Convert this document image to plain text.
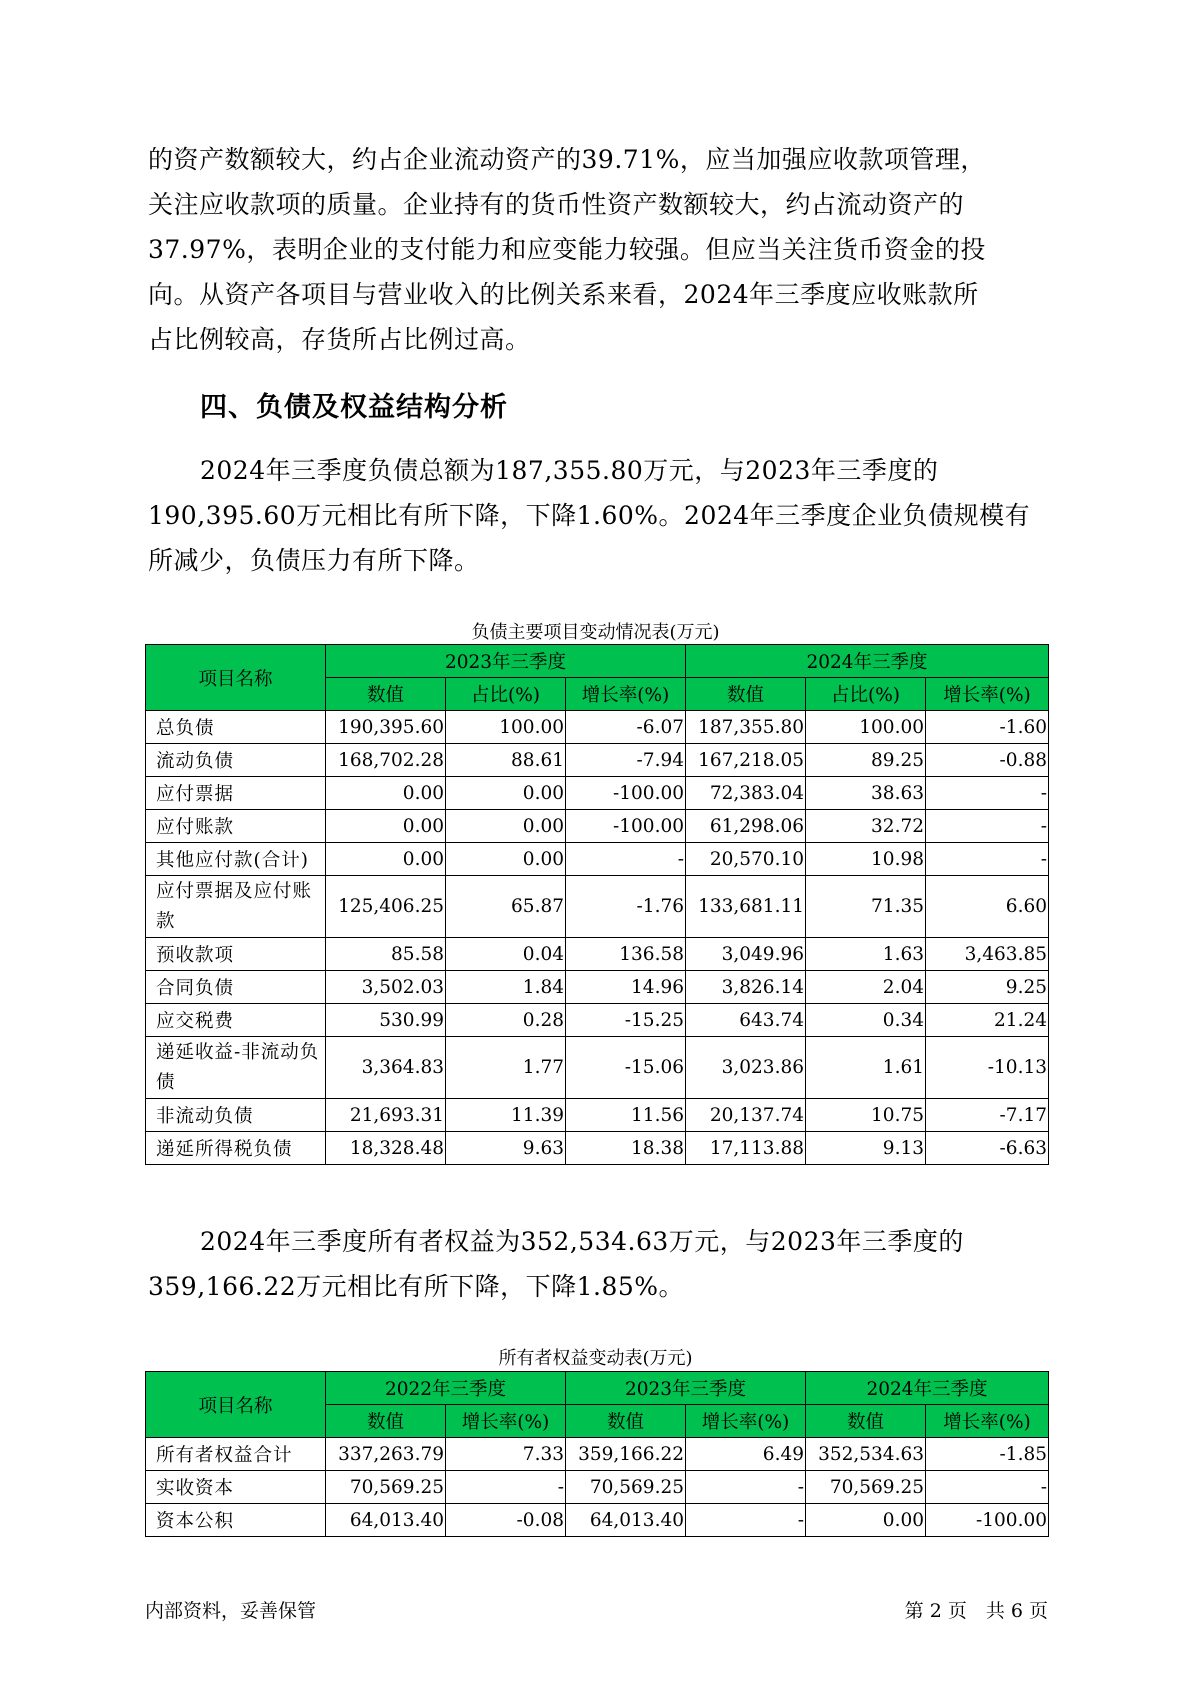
的资产数额较大，约占企业流动资产的39.71%，应当加强应收款项管理，
关注应收款项的质量。企业持有的货币性资产数额较大，约占流动资产的
37.97%，表明企业的支付能力和应变能力较强。但应当关注货币资金的投
向。从资产各项目与营业收入的比例关系来看，2024年三季度应收账款所
占比例较高，存货所占比例过高。
四、负债及权益结构分析
2024年三季度负债总额为187,355.80万元，与2023年三季度的
190,395.60万元相比有所下降，下降1.60%。2024年三季度企业负债规模有
所减少，负债压力有所下降。

负债主要项目变动情况表(万元)

项目名称	2023年三季度			2024年三季度		
	数值	占比(%)	增长率(%)	数值	占比(%)	增长率(%)
总负债	190,395.60	100.00	-6.07	187,355.80	100.00	-1.60
流动负债	168,702.28	88.61	-7.94	167,218.05	89.25	-0.88
应付票据	0.00	0.00	-100.00	72,383.04	38.63	-
应付账款	0.00	0.00	-100.00	61,298.06	32.72	-
其他应付款(合计)	0.00	0.00	-	20,570.10	10.98	-
应付票据及应付账款	125,406.25	65.87	-1.76	133,681.11	71.35	6.60
预收款项	85.58	0.04	136.58	3,049.96	1.63	3,463.85
合同负债	3,502.03	1.84	14.96	3,826.14	2.04	9.25
应交税费	530.99	0.28	-15.25	643.74	0.34	21.24
递延收益-非流动负债	3,364.83	1.77	-15.06	3,023.86	1.61	-10.13
非流动负债	21,693.31	11.39	11.56	20,137.74	10.75	-7.17
递延所得税负债	18,328.48	9.63	18.38	17,113.88	9.13	-6.63
2024年三季度所有者权益为352,534.63万元，与2023年三季度的
359,166.22万元相比有所下降，下降1.85%。

所有者权益变动表(万元)

项目名称	2022年三季度		2023年三季度		2024年三季度	
	数值	增长率(%)	数值	增长率(%)	数值	增长率(%)
所有者权益合计	337,263.79	7.33	359,166.22	6.49	352,534.63	-1.85
实收资本	70,569.25	-	70,569.25	-	70,569.25	-
资本公积	64,013.40	-0.08	64,013.40	-	0.00	-100.00

内部资料，妥善保管	第 2 页　共 6 页
